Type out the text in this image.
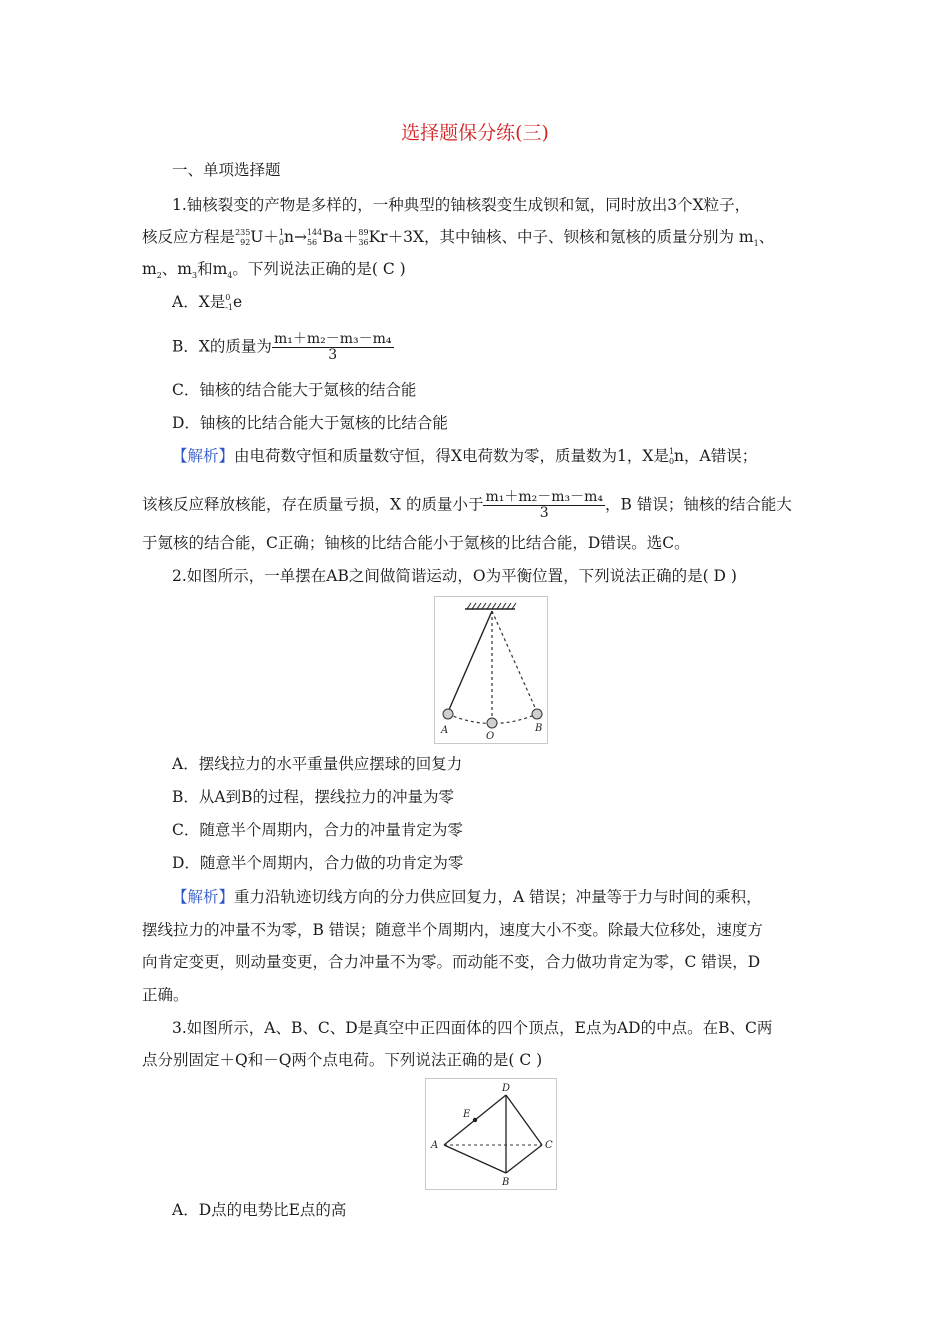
选择题保分练(三)
一、单项选择题
1.铀核裂变的产物是多样的，一种典型的铀核裂变生成钡和氪，同时放出3个X粒子，
核反应方程是 235
92 U＋ 1
0 n→ 144
56 Ba＋ 89
36 Kr＋3X，其中铀核、中子、钡核和氪核的质量分别为 $m_1$、
$m_2$、$m_3$和$m_4$。下列说法正确的是( C )
A．X是 0
-1 e
B．X的质量为 $\frac{\text{m₁＋m₂－m₃－m₄}}{3}$
C．铀核的结合能大于氪核的结合能
D．铀核的比结合能大于氪核的比结合能
【解析】由电荷数守恒和质量数守恒，得X电荷数为零，质量数为1，X是 1
0 n，A错误；
该核反应释放核能，存在质量亏损，X 的质量小于 $\frac{\text{m₁＋m₂－m₃－m₄}}{3}$ ，B 错误；铀核的结合能大
于氪核的结合能，C正确；铀核的比结合能小于氪核的比结合能，D错误。选C。
2.如图所示，一单摆在AB之间做简谐运动，O为平衡位置，下列说法正确的是( D )
A
O
B
A．摆线拉力的水平重量供应摆球的回复力
B．从A到B的过程，摆线拉力的冲量为零
C．随意半个周期内，合力的冲量肯定为零
D．随意半个周期内，合力做的功肯定为零
【解析】重力沿轨迹切线方向的分力供应回复力，A 错误；冲量等于力与时间的乘积，
摆线拉力的冲量不为零，B 错误；随意半个周期内，速度大小不变。除最大位移处，速度方
向肯定变更，则动量变更，合力冲量不为零。而动能不变，合力做功肯定为零，C 错误，D
正确。
3.如图所示，A、B、C、D是真空中正四面体的四个顶点，E点为AD的中点。在B、C两
点分别固定＋Q和－Q两个点电荷。下列说法正确的是( C )
D
E
A	C
B
A．D点的电势比E点的高
